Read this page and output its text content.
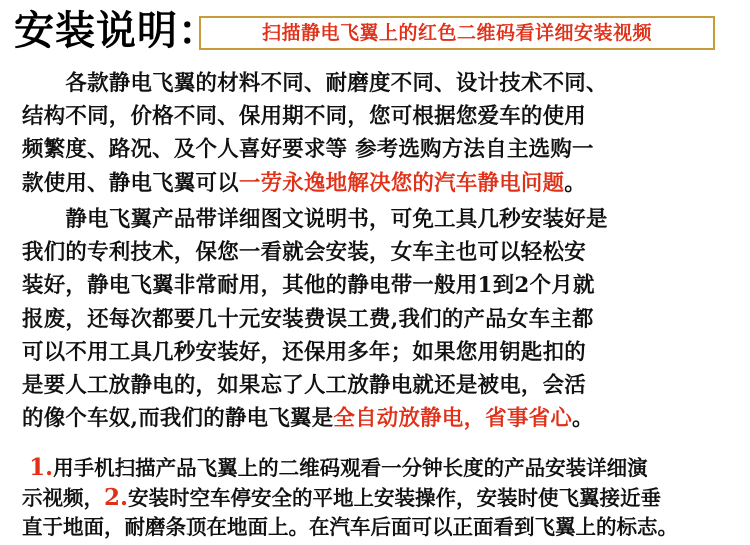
安装说明：	扫描静电飞翼上的红色二维码看详细安装视频

  各款静电飞翼的材料不同、耐磨度不同、设计技术不同、

结构不同，价格不同、保用期不同，您可根据您爱车的使用

频繁度、路况、及个人喜好要求等 参考选购方法自主选购一

款使用、静电飞翼可以一劳永逸地解决您的汽车静电问题。

  静电飞翼产品带详细图文说明书，可免工具几秒安装好是

我们的专利技术，保您一看就会安装，女车主也可以轻松安

装好，静电飞翼非常耐用，其他的静电带一般用1到2个月就

报废，还每次都要几十元安装费误工费,我们的产品女车主都

可以不用工具几秒安装好，还保用多年；如果您用钥匙扣的

是要人工放静电的，如果忘了人工放静电就还是被电，会活

的像个车奴,而我们的静电飞翼是全自动放静电，省事省心。

1.用手机扫描产品飞翼上的二维码观看一分钟长度的产品安装详细演

示视频，2.安装时空车停安全的平地上安装操作，安装时使飞翼接近垂

直于地面，耐磨条顶在地面上。在汽车后面可以正面看到飞翼上的标志。
